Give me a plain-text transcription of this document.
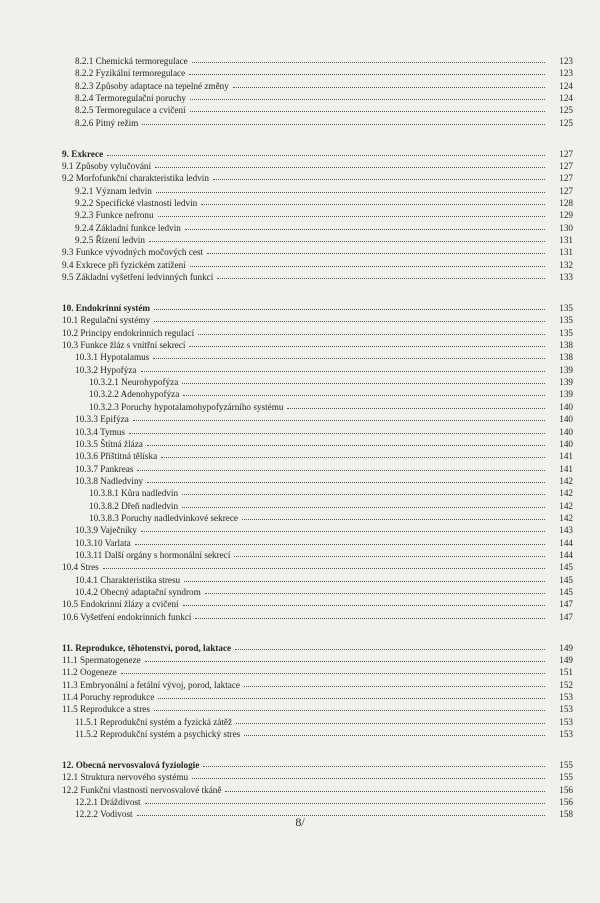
8.2.1 Chemická termoregulace	123
8.2.2 Fyzikální termoregulace	123
8.2.3 Způsoby adaptace na tepelné změny	124
8.2.4 Termoregulační poruchy	124
8.2.5 Termoregulace a cvičení	125
8.2.6 Pitný režim	125
9. Exkrece	127
9.1 Způsoby vylučování	127
9.2 Morfofunkční charakteristika ledvin	127
9.2.1 Význam ledvin	127
9.2.2 Specifické vlastnosti ledvin	128
9.2.3 Funkce nefronu	129
9.2.4 Základní funkce ledvin	130
9.2.5 Řízení ledvin	131
9.3 Funkce vývodných močových cest	131
9.4 Exkrece při fyzickém zatížení	132
9.5 Základní vyšetření ledvinných funkcí	133
10. Endokrinní systém	135
10.1 Regulační systémy	135
10.2 Principy endokrinních regulací	135
10.3 Funkce žláz s vnitřní sekrecí	138
10.3.1 Hypotalamus	138
10.3.2 Hypofýza	139
10.3.2.1 Neurohypofýza	139
10.3.2.2 Adenohypofýza	139
10.3.2.3 Poruchy hypotalamohypofyzárního systému	140
10.3.3 Epifýza	140
10.3.4 Tymus	140
10.3.5 Štítná žláza	140
10.3.6 Příštitná tělíska	141
10.3.7 Pankreas	141
10.3.8 Nadledviny	142
10.3.8.1 Kůra nadledvin	142
10.3.8.2 Dřeň nadledvin	142
10.3.8.3 Poruchy nadledvinkové sekrece	142
10.3.9 Vaječníky	143
10.3.10 Varlata	144
10.3.11 Další orgány s hormonální sekrecí	144
10.4 Stres	145
10.4.1 Charakteristika stresu	145
10.4.2 Obecný adaptační syndrom	145
10.5 Endokrinní žlázy a cvičení	147
10.6 Vyšetření endokrinních funkcí	147
11. Reprodukce, těhotenství, porod, laktace	149
11.1 Spermatogeneze	149
11.2 Oogeneze	151
11.3 Embryonální a fetální vývoj, porod, laktace	152
11.4 Poruchy reprodukce	153
11.5 Reprodukce a stres	153
11.5.1 Reprodukční systém a fyzická zátěž	153
11.5.2 Reprodukční systém a psychický stres	153
12. Obecná nervosvalová fyziologie	155
12.1 Struktura nervového systému	155
12.2 Funkční vlastnosti nervosvalové tkáně	156
12.2.1 Dráždivost	156
12.2.2 Vodivost	158
8/
